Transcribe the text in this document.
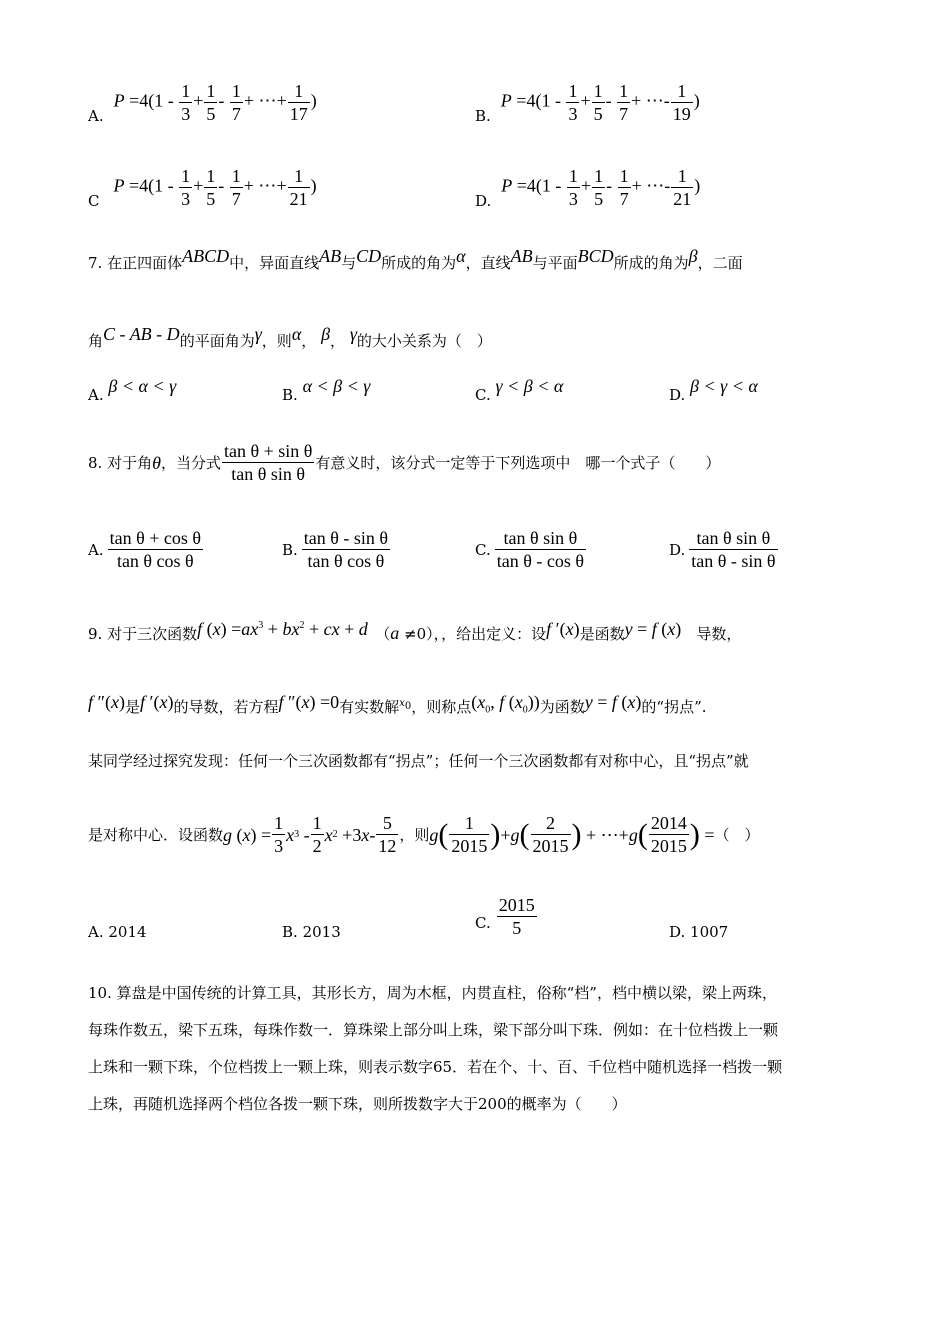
A.
$P =4(1 - \frac{1}{3} + \frac{1}{5} - \frac{1}{7}$ + ⋯+ $\frac{1}{17}$ )
B.
$P =4(1 - \frac{1}{3} + \frac{1}{5} - \frac{1}{7}$ + ⋯- $\frac{1}{19}$ )
C
$P =4(1 - \frac{1}{3} + \frac{1}{5} - \frac{1}{7}$ + ⋯+ $\frac{1}{21}$ )
D.
$P =4(1 - \frac{1}{3} + \frac{1}{5} - \frac{1}{7}$ + ⋯- $\frac{1}{21}$ )
7. 在正四面体ABCD中，异面直线AB与CD所成的角为α，直线AB与平面BCD所成的角为β，二面
角C - AB - D的平面角为γ，则α， β， γ的大小关系为（　）
A. β < α < γ	B. α < β < γ	C. γ < β < α	D. β < γ < α
8.
对于角 θ ，当分式 $\frac{\text{tan θ + sin θ}}{\text{tan θ sin θ}}$ 有意义时，该分式一定等于下列选项中　哪一个式子（　　）
A. $\frac{\text{tan θ + cos θ}}{\text{tan θ cos θ}}$	B. $\frac{\text{tan θ - sin θ}}{\text{tan θ cos θ}}$	C. $\frac{\text{tan θ sin θ}}{\text{tan θ - cos θ}}$	D. $\frac{\text{tan θ sin θ}}{\text{tan θ - sin θ}}$
9. 对于三次函数f $(x) =ax^3 + bx^2$ + cx + d　（a ≠0），，给出定义：设f ′(x)是函数y = f (x)　 导数，
f ″(x)是f ′(x)的导数，若方程f ″(x) =0有实数解$^{x_0}$，则称点($x_0$, f $(x_0)$)为函数y = f (x)的“拐点”.
某同学经过探究发现：任何一个三次函数都有“拐点”；任何一个三次函数都有对称中心，且“拐点”就
是对称中心．设函数 g ( x ) = $\frac{1}{3}$ x $3 - \frac{1}{2}$ x 2 +3 x - $\frac{5}{12}$ ，则 g ( $\frac{1}{2015}$ ) + g ( $\frac{2}{2015}$ ) + ⋯+ g ( $\frac{2014}{2015}$ ) = （　）
A. 2014	B. 2013	C. $\frac{2015}{5}$	D. 1007
10. 算盘是中国传统的计算工具，其形长方，周为木框，内贯直柱，俗称“档”，档中横以梁，梁上两珠，
每珠作数五，梁下五珠，每珠作数一．算珠梁上部分叫上珠，梁下部分叫下珠．例如：在十位档拨上一颗
上珠和一颗下珠，个位档拨上一颗上珠，则表示数字65．若在个、十、百、千位档中随机选择一档拨一颗
上珠，再随机选择两个档位各拨一颗下珠，则所拨数字大于200的概率为（　　）
